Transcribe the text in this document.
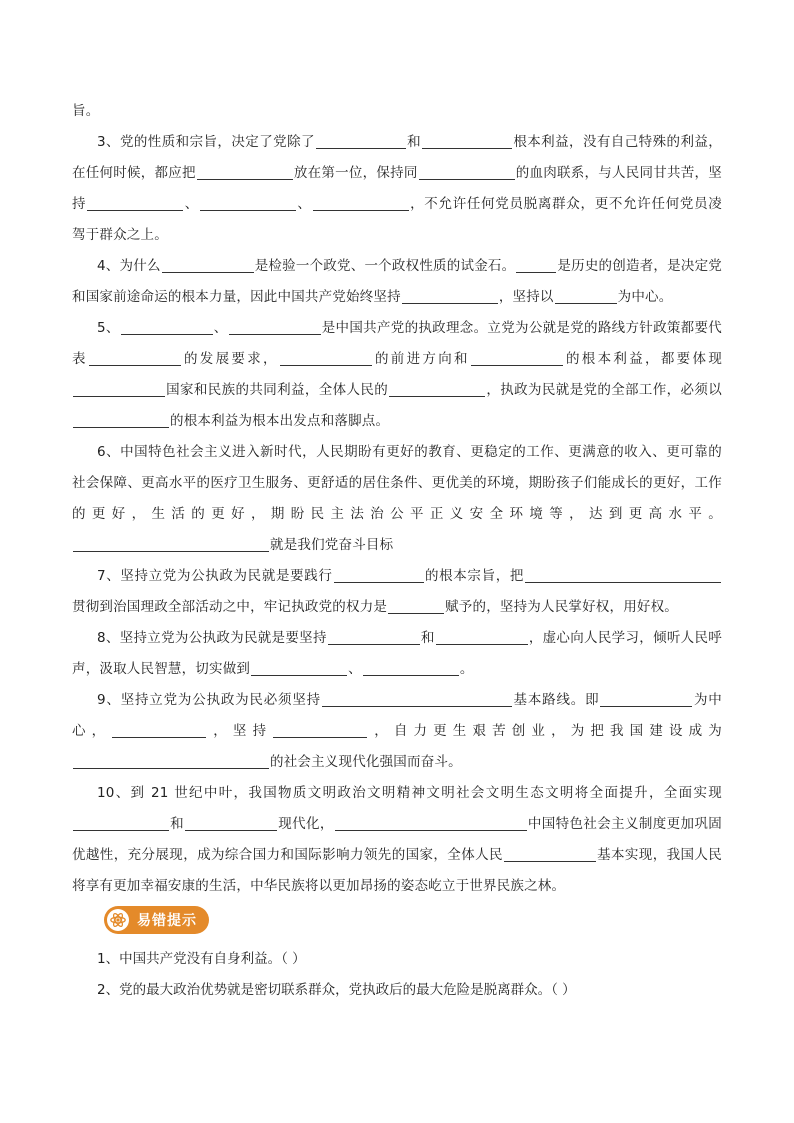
旨。

3、党的性质和宗旨，决定了党除了	和	根本利益，没有自己特殊的利益，在任何时候，都应把	放在第一位，保持同	的血肉联系，与人民同甘共苦，坚持	、	、	，不允许任何党员脱离群众，更不允许任何党员凌驾于群众之上。

4、为什么	是检验一个政党、一个政权性质的试金石。	是历史的创造者，是决定党和国家前途命运的根本力量，因此中国共产党始终坚持	，坚持以	为中心。

5、	、	是中国共产党的执政理念。立党为公就是党的路线方针政策都要代表	的发展要求，	的前进方向和	的根本利益，都要体现国家和民族的共同利益，全体人民的	，执政为民就是党的全部工作，必须以的根本利益为根本出发点和落脚点。

6、中国特色社会主义进入新时代，人民期盼有更好的教育、更稳定的工作、更满意的收入、更可靠的社会保障、更高水平的医疗卫生服务、更舒适的居住条件、更优美的环境，期盼孩子们能成长的更好，工作的更好，生活的更好，期盼民主法治公平正义安全环境等，达到更高水平。就是我们党奋斗目标

7、坚持立党为公执政为民就是要践行	的根本宗旨，把贯彻到治国理政全部活动之中，牢记执政党的权力是	赋予的，坚持为人民掌好权，用好权。

8、坚持立党为公执政为民就是要坚持	和	，虚心向人民学习，倾听人民呼声，汲取人民智慧，切实做到	、	。

9、坚持立党为公执政为民必须坚持	基本路线。即	为中心，	，坚持	，自力更生艰苦创业，为把我国建设成为的社会主义现代化强国而奋斗。

10、到 21 世纪中叶，我国物质文明政治文明精神文明社会文明生态文明将全面提升，全面实现和	现代化，	中国特色社会主义制度更加巩固优越性，充分展现，成为综合国力和国际影响力领先的国家，全体人民	基本实现，我国人民将享有更加幸福安康的生活，中华民族将以更加昂扬的姿态屹立于世界民族之林。

易错提示

1、中国共产党没有自身利益。（ ）

2、党的最大政治优势就是密切联系群众，党执政后的最大危险是脱离群众。（ ）
